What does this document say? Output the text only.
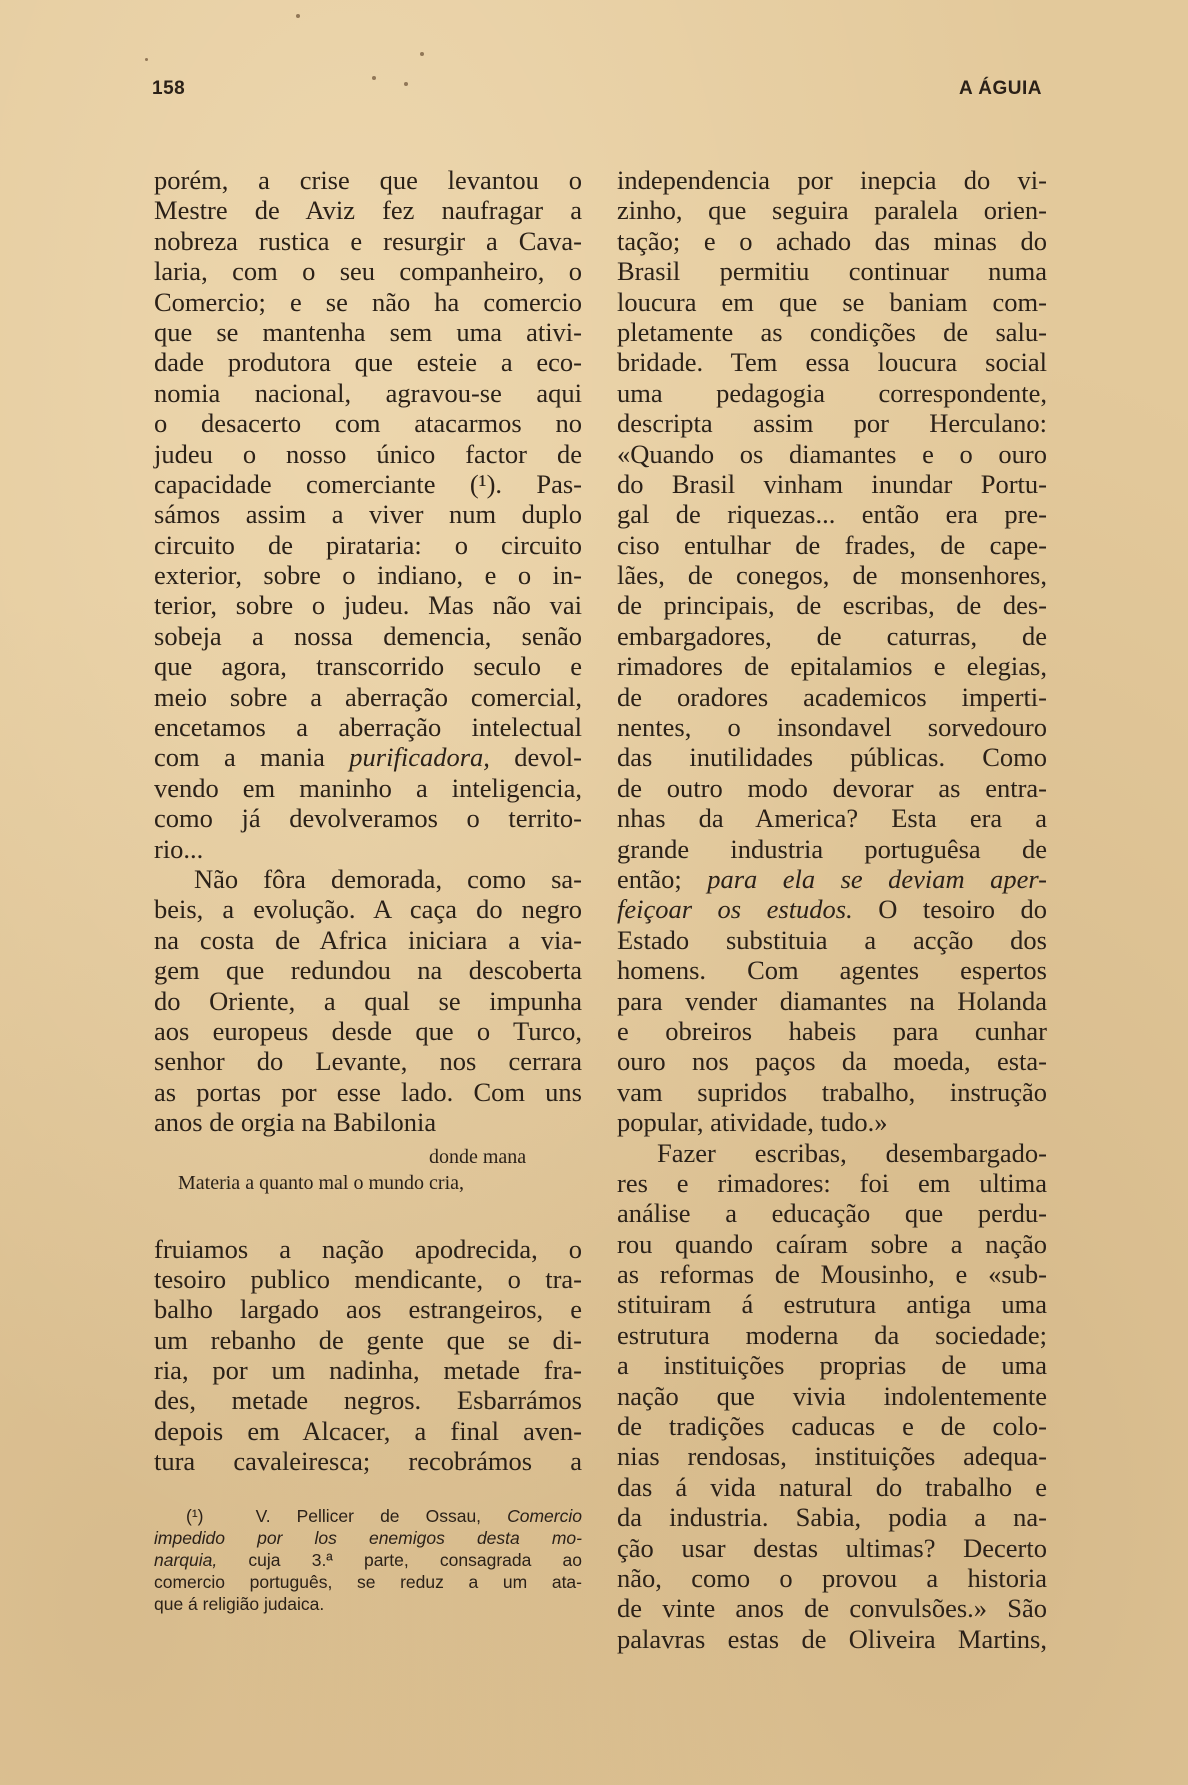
158	A ÁGUIA
porém, a crise que levantou o
Mestre de Aviz fez naufragar a
nobreza rustica e resurgir a Cava-
laria, com o seu companheiro, o
Comercio; e se não ha comercio
que se mantenha sem uma ativi-
dade produtora que esteie a eco-
nomia nacional, agravou-se aqui
o desacerto com atacarmos no
judeu o nosso único factor de
capacidade comerciante (¹). Pas-
sámos assim a viver num duplo
circuito de pirataria: o circuito
exterior, sobre o indiano, e o in-
terior, sobre o judeu. Mas não vai
sobeja a nossa demencia, senão
que agora, transcorrido seculo e
meio sobre a aberração comercial,
encetamos a aberração intelectual
com a mania purificadora, devol-
vendo em maninho a inteligencia,
como já devolveramos o territo-
rio...
Não fôra demorada, como sa-
beis, a evolução. A caça do negro
na costa de Africa iniciara a via-
gem que redundou na descoberta
do Oriente, a qual se impunha
aos europeus desde que o Turco,
senhor do Levante, nos cerrara
as portas por esse lado. Com uns
anos de orgia na Babilonia
donde mana
Materia a quanto mal o mundo cria,
fruiamos a nação apodrecida, o
tesoiro publico mendicante, o tra-
balho largado aos estrangeiros, e
um rebanho de gente que se di-
ria, por um nadinha, metade fra-
des, metade negros. Esbarrámos
depois em Alcacer, a final aven-
tura cavaleiresca; recobrámos a
(¹)	V. Pellicer de Ossau, Comercio
impedido por los enemigos desta mo-
narquia, cuja 3.ª parte, consagrada ao
comercio português, se reduz a um ata-
que á religião judaica.
independencia por inepcia do vi-
zinho, que seguira paralela orien-
tação; e o achado das minas do
Brasil permitiu continuar numa
loucura em que se baniam com-
pletamente as condições de salu-
bridade. Tem essa loucura social
uma pedagogia correspondente,
descripta assim por Herculano:
«Quando os diamantes e o ouro
do Brasil vinham inundar Portu-
gal de riquezas... então era pre-
ciso entulhar de frades, de cape-
lães, de conegos, de monsenhores,
de principais, de escribas, de des-
embargadores, de caturras, de
rimadores de epitalamios e elegias,
de oradores academicos imperti-
nentes, o insondavel sorvedouro
das inutilidades públicas. Como
de outro modo devorar as entra-
nhas da America? Esta era a
grande industria portuguêsa de
então; para ela se deviam aper-
feiçoar os estudos. O tesoiro do
Estado substituia a acção dos
homens. Com agentes espertos
para vender diamantes na Holanda
e obreiros habeis para cunhar
ouro nos paços da moeda, esta-
vam supridos trabalho, instrução
popular, atividade, tudo.»
Fazer escribas, desembargado-
res e rimadores: foi em ultima
análise a educação que perdu-
rou quando caíram sobre a nação
as reformas de Mousinho, e «sub-
stituiram á estrutura antiga uma
estrutura moderna da sociedade;
a instituições proprias de uma
nação que vivia indolentemente
de tradições caducas e de colo-
nias rendosas, instituições adequa-
das á vida natural do trabalho e
da industria. Sabia, podia a na-
ção usar destas ultimas? Decerto
não, como o provou a historia
de vinte anos de convulsões.» São
palavras estas de Oliveira Martins,
